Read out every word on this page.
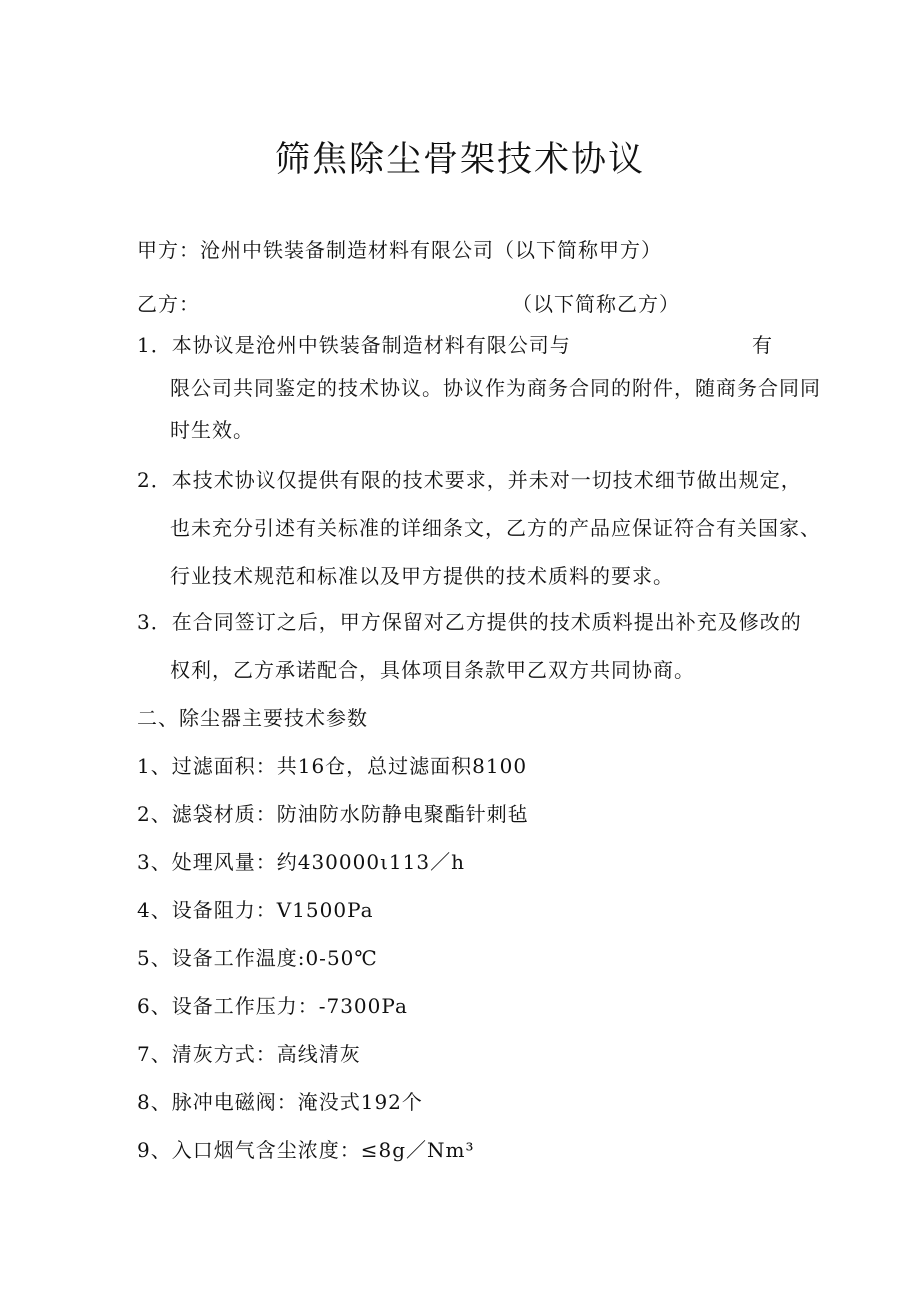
筛焦除尘骨架技术协议
甲方：沧州中铁装备制造材料有限公司（以下简称甲方）
乙方：	（以下简称乙方）
1．本协议是沧州中铁装备制造材料有限公司与	有
限公司共同鉴定的技术协议。协议作为商务合同的附件，随商务合同同
时生效。
2．本技术协议仅提供有限的技术要求，并未对一切技术细节做出规定，
也未充分引述有关标准的详细条文，乙方的产品应保证符合有关国家、
行业技术规范和标准以及甲方提供的技术质料的要求。
3．在合同签订之后，甲方保留对乙方提供的技术质料提出补充及修改的
权利，乙方承诺配合，具体项目条款甲乙双方共同协商。
二、除尘器主要技术参数
1、过滤面积：共16仓，总过滤面积8100
2、滤袋材质：防油防水防静电聚酯针刺毡
3、处理风量：约430000ι113／h
4、设备阻力：V1500Pa
5、设备工作温度:0-50℃
6、设备工作压力：-7300Pa
7、清灰方式：高线清灰
8、脉冲电磁阀：淹没式192个
9、入口烟气含尘浓度：≤8g／Nm³
